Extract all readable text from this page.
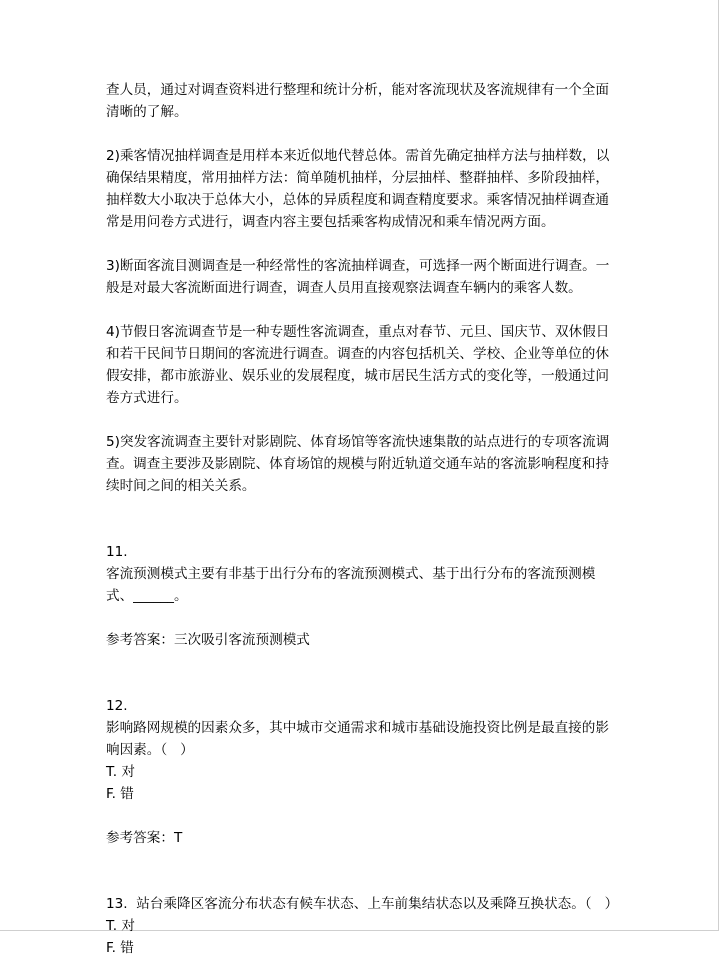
查人员，通过对调查资料进行整理和统计分析，能对客流现状及客流规律有一个全面清晰的了解。

2)乘客情况抽样调查是用样本来近似地代替总体。需首先确定抽样方法与抽样数，以确保结果精度，常用抽样方法：简单随机抽样，分层抽样、整群抽样、多阶段抽样，抽样数大小取决于总体大小，总体的异质程度和调查精度要求。乘客情况抽样调查通常是用问卷方式进行，调查内容主要包括乘客构成情况和乘车情况两方面。

3)断面客流目测调查是一种经常性的客流抽样调查，可选择一两个断面进行调查。一般是对最大客流断面进行调查，调查人员用直接观察法调查车辆内的乘客人数。

4)节假日客流调查节是一种专题性客流调查，重点对春节、元旦、国庆节、双休假日和若干民间节日期间的客流进行调查。调查的内容包括机关、学校、企业等单位的休假安排，都市旅游业、娱乐业的发展程度，城市居民生活方式的变化等，一般通过问卷方式进行。

5)突发客流调查主要针对影剧院、体育场馆等客流快速集散的站点进行的专项客流调查。调查主要涉及影剧院、体育场馆的规模与附近轨道交通车站的客流影响程度和持续时间之间的相关关系。

11.

客流预测模式主要有非基于出行分布的客流预测模式、基于出行分布的客流预测模式、______。

参考答案：三次吸引客流预测模式

12.

影响路网规模的因素众多，其中城市交通需求和城市基础设施投资比例是最直接的影响因素。（   ）

T. 对

F. 错

参考答案：T

13.  站台乘降区客流分布状态有候车状态、上车前集结状态以及乘降互换状态。（   ）

T. 对

F. 错
